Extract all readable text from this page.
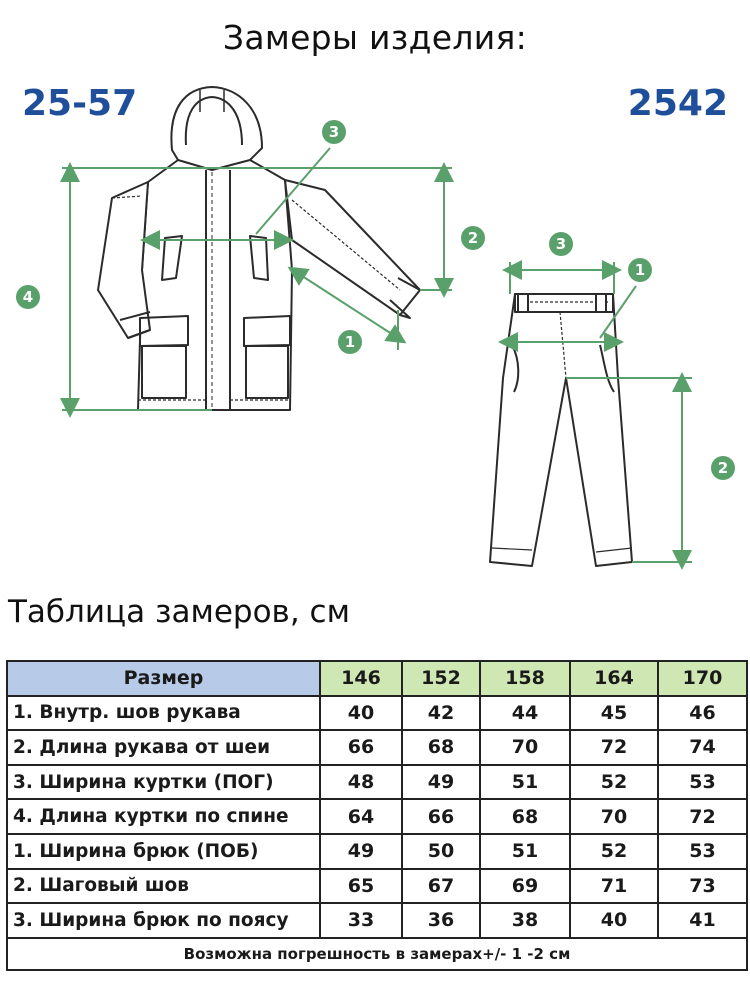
Замеры изделия:
25-57	2542
4
2
3
1
3
1
2
Таблица замеров, см
Размер	146	152	158	164	170
1. Внутр. шов рукава	40	42	44	45	46
2. Длина рукава от шеи	66	68	70	72	74
3. Ширина куртки (ПОГ)	48	49	51	52	53
4. Длина куртки по спине	64	66	68	70	72
1. Ширина брюк (ПОБ)	49	50	51	52	53
2. Шаговый шов	65	67	69	71	73
3. Ширина брюк по поясу	33	36	38	40	41
Возможна погрешность в замерах+/- 1 -2 см					
